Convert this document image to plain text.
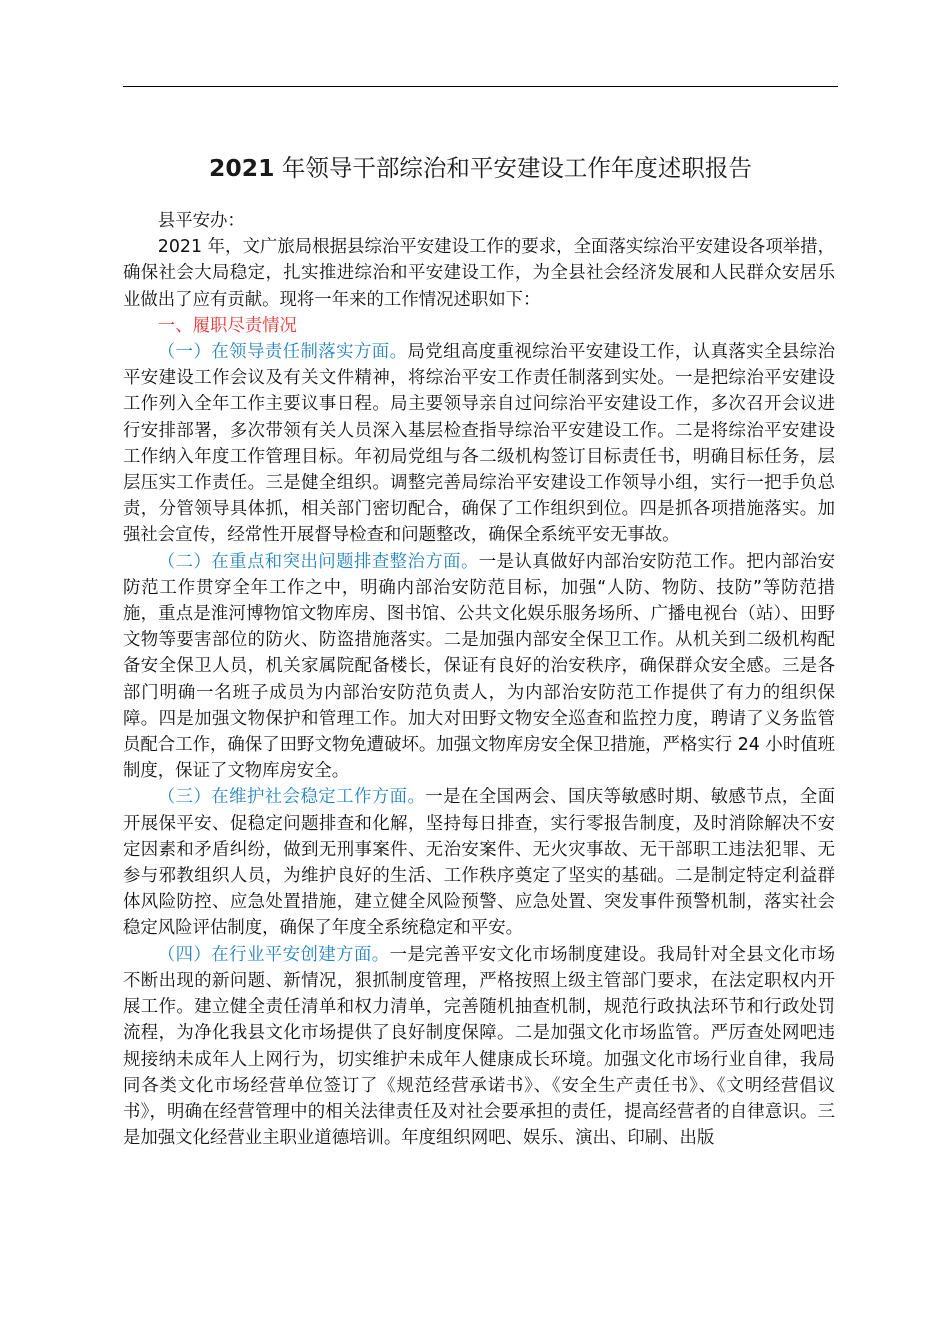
2021 年领导干部综治和平安建设工作年度述职报告

县平安办：

2021 年，文广旅局根据县综治平安建设工作的要求，全面落实综治平安建设各项举措，确保社会大局稳定，扎实推进综治和平安建设工作，为全县社会经济发展和人民群众安居乐业做出了应有贡献。现将一年来的工作情况述职如下：

一、履职尽责情况

（一）在领导责任制落实方面。局党组高度重视综治平安建设工作，认真落实全县综治平安建设工作会议及有关文件精神，将综治平安工作责任制落到实处。一是把综治平安建设工作列入全年工作主要议事日程。局主要领导亲自过问综治平安建设工作，多次召开会议进行安排部署，多次带领有关人员深入基层检查指导综治平安建设工作。二是将综治平安建设工作纳入年度工作管理目标。年初局党组与各二级机构签订目标责任书，明确目标任务，层层压实工作责任。三是健全组织。调整完善局综治平安建设工作领导小组，实行一把手负总责，分管领导具体抓，相关部门密切配合，确保了工作组织到位。四是抓各项措施落实。加强社会宣传，经常性开展督导检查和问题整改，确保全系统平安无事故。

（二）在重点和突出问题排查整治方面。一是认真做好内部治安防范工作。把内部治安防范工作贯穿全年工作之中，明确内部治安防范目标，加强“人防、物防、技防”等防范措施，重点是淮河博物馆文物库房、图书馆、公共文化娱乐服务场所、广播电视台（站）、田野文物等要害部位的防火、防盗措施落实。二是加强内部安全保卫工作。从机关到二级机构配备安全保卫人员，机关家属院配备楼长，保证有良好的治安秩序，确保群众安全感。三是各部门明确一名班子成员为内部治安防范负责人，为内部治安防范工作提供了有力的组织保障。四是加强文物保护和管理工作。加大对田野文物安全巡查和监控力度，聘请了义务监管员配合工作，确保了田野文物免遭破坏。加强文物库房安全保卫措施，严格实行 24 小时值班制度，保证了文物库房安全。

（三）在维护社会稳定工作方面。一是在全国两会、国庆等敏感时期、敏感节点，全面开展保平安、促稳定问题排查和化解，坚持每日排查，实行零报告制度，及时消除解决不安定因素和矛盾纠纷，做到无刑事案件、无治安案件、无火灾事故、无干部职工违法犯罪、无参与邪教组织人员，为维护良好的生活、工作秩序奠定了坚实的基础。二是制定特定利益群体风险防控、应急处置措施，建立健全风险预警、应急处置、突发事件预警机制，落实社会稳定风险评估制度，确保了年度全系统稳定和平安。

（四）在行业平安创建方面。一是完善平安文化市场制度建设。我局针对全县文化市场不断出现的新问题、新情况，狠抓制度管理，严格按照上级主管部门要求，在法定职权内开展工作。建立健全责任清单和权力清单，完善随机抽查机制，规范行政执法环节和行政处罚流程，为净化我县文化市场提供了良好制度保障。二是加强文化市场监管。严厉查处网吧违规接纳未成年人上网行为，切实维护未成年人健康成长环境。加强文化市场行业自律，我局同各类文化市场经营单位签订了《规范经营承诺书》、《安全生产责任书》、《文明经营倡议书》，明确在经营管理中的相关法律责任及对社会要承担的责任，提高经营者的自律意识。三是加强文化经营业主职业道德培训。年度组织网吧、娱乐、演出、印刷、出版
